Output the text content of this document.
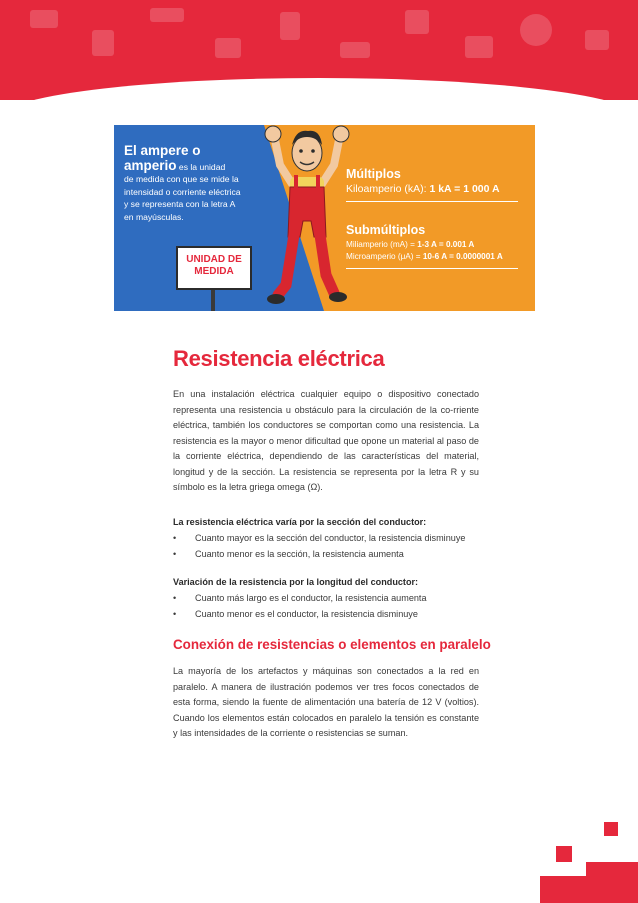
El ampere o
amperio es la unidad
de medida con que se mide la intensidad o corriente eléctrica y se representa con la letra A en mayúsculas.
UNIDAD DE MEDIDA
Múltiplos
Kiloamperio (kA): 1 kA = 1 000 A
Submúltiplos
Miliamperio (mA) = 1-3 A = 0.001 A
Microamperio (μA) = 10-6 A = 0.0000001 A
Resistencia eléctrica
En una instalación eléctrica cualquier equipo o dispositivo conectado representa una resistencia u obstáculo para la circulación de la co-rriente eléctrica, también los conductores se comportan como una resistencia. La resistencia es la mayor o menor dificultad que opone un material al paso de la corriente eléctrica, dependiendo de las características del material, longitud y de la sección. La resistencia se representa por la letra R y su símbolo es la letra griega omega (Ω).
La resistencia eléctrica varía por la sección del conductor:
• Cuanto mayor es la sección del conductor, la resistencia disminuye
• Cuanto menor es la sección, la resistencia aumenta
Variación de la resistencia por la longitud del conductor:
• Cuanto más largo es el conductor, la resistencia aumenta
• Cuanto menor es el conductor, la resistencia disminuye
Conexión de resistencias o elementos en paralelo
La mayoría de los artefactos y máquinas son conectados a la red en paralelo. A manera de ilustración podemos ver tres focos conectados de esta forma, siendo la fuente de alimentación una batería de 12 V (voltios). Cuando los elementos están colocados en paralelo la tensión es constante y las intensidades de la corriente o resistencias se suman.
